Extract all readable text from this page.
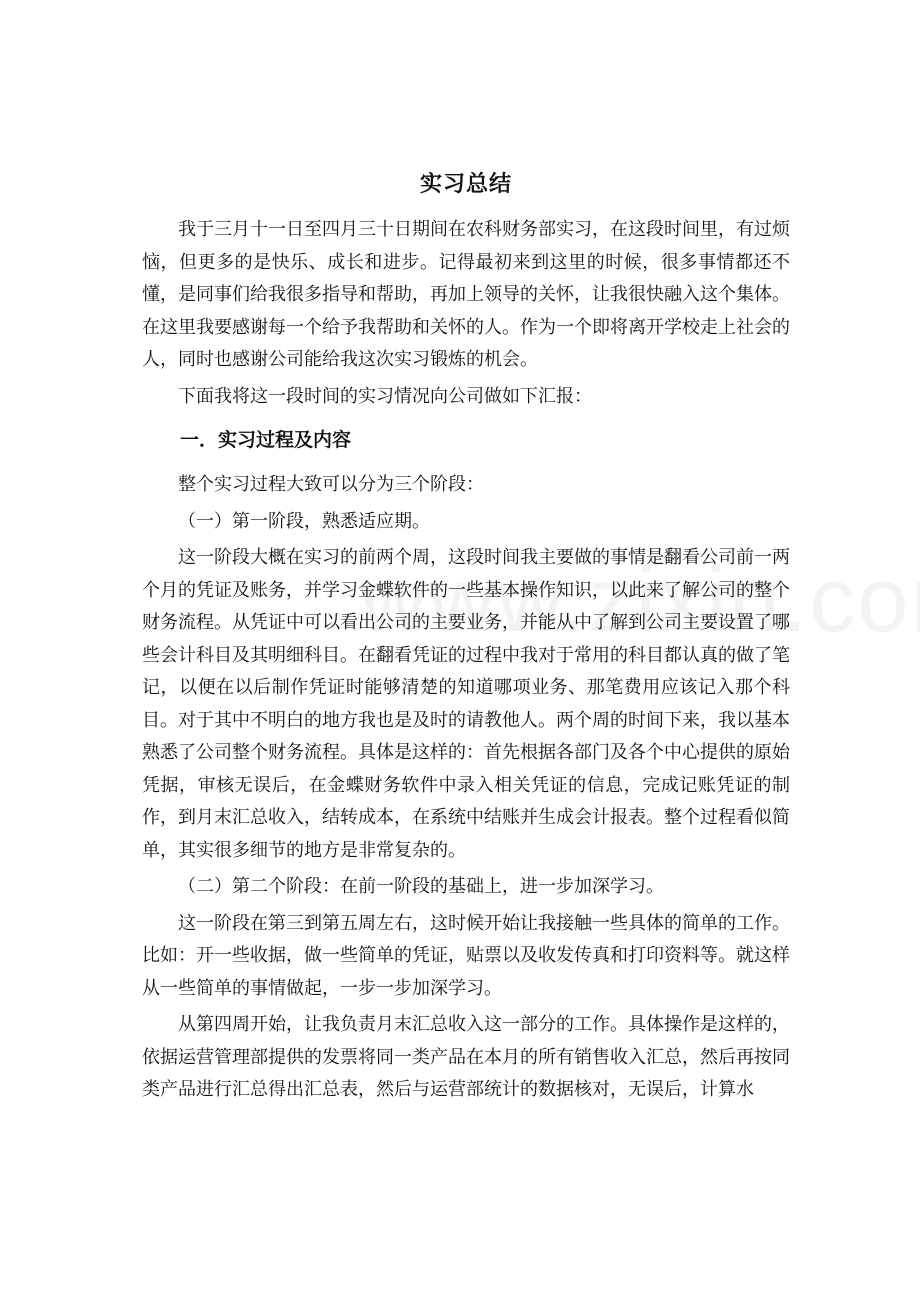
实习总结

我于三月十一日至四月三十日期间在农科财务部实习，在这段时间里，有过烦恼，但更多的是快乐、成长和进步。记得最初来到这里的时候，很多事情都还不懂，是同事们给我很多指导和帮助，再加上领导的关怀，让我很快融入这个集体。在这里我要感谢每一个给予我帮助和关怀的人。作为一个即将离开学校走上社会的人，同时也感谢公司能给我这次实习锻炼的机会。

下面我将这一段时间的实习情况向公司做如下汇报：

一．实习过程及内容

整个实习过程大致可以分为三个阶段：

（一）第一阶段，熟悉适应期。

这一阶段大概在实习的前两个周，这段时间我主要做的事情是翻看公司前一两个月的凭证及账务，并学习金蝶软件的一些基本操作知识，以此来了解公司的整个财务流程。从凭证中可以看出公司的主要业务，并能从中了解到公司主要设置了哪些会计科目及其明细科目。在翻看凭证的过程中我对于常用的科目都认真的做了笔记，以便在以后制作凭证时能够清楚的知道哪项业务、那笔费用应该记入那个科目。对于其中不明白的地方我也是及时的请教他人。两个周的时间下来，我以基本熟悉了公司整个财务流程。具体是这样的：首先根据各部门及各个中心提供的原始凭据，审核无误后，在金蝶财务软件中录入相关凭证的信息，完成记账凭证的制作，到月末汇总收入，结转成本，在系统中结账并生成会计报表。整个过程看似简单，其实很多细节的地方是非常复杂的。

（二）第二个阶段：在前一阶段的基础上，进一步加深学习。

这一阶段在第三到第五周左右，这时候开始让我接触一些具体的简单的工作。比如：开一些收据，做一些简单的凭证，贴票以及收发传真和打印资料等。就这样从一些简单的事情做起，一步一步加深学习。

从第四周开始，让我负责月末汇总收入这一部分的工作。具体操作是这样的，依据运营管理部提供的发票将同一类产品在本月的所有销售收入汇总，然后再按同类产品进行汇总得出汇总表，然后与运营部统计的数据核对，无误后，计算水
